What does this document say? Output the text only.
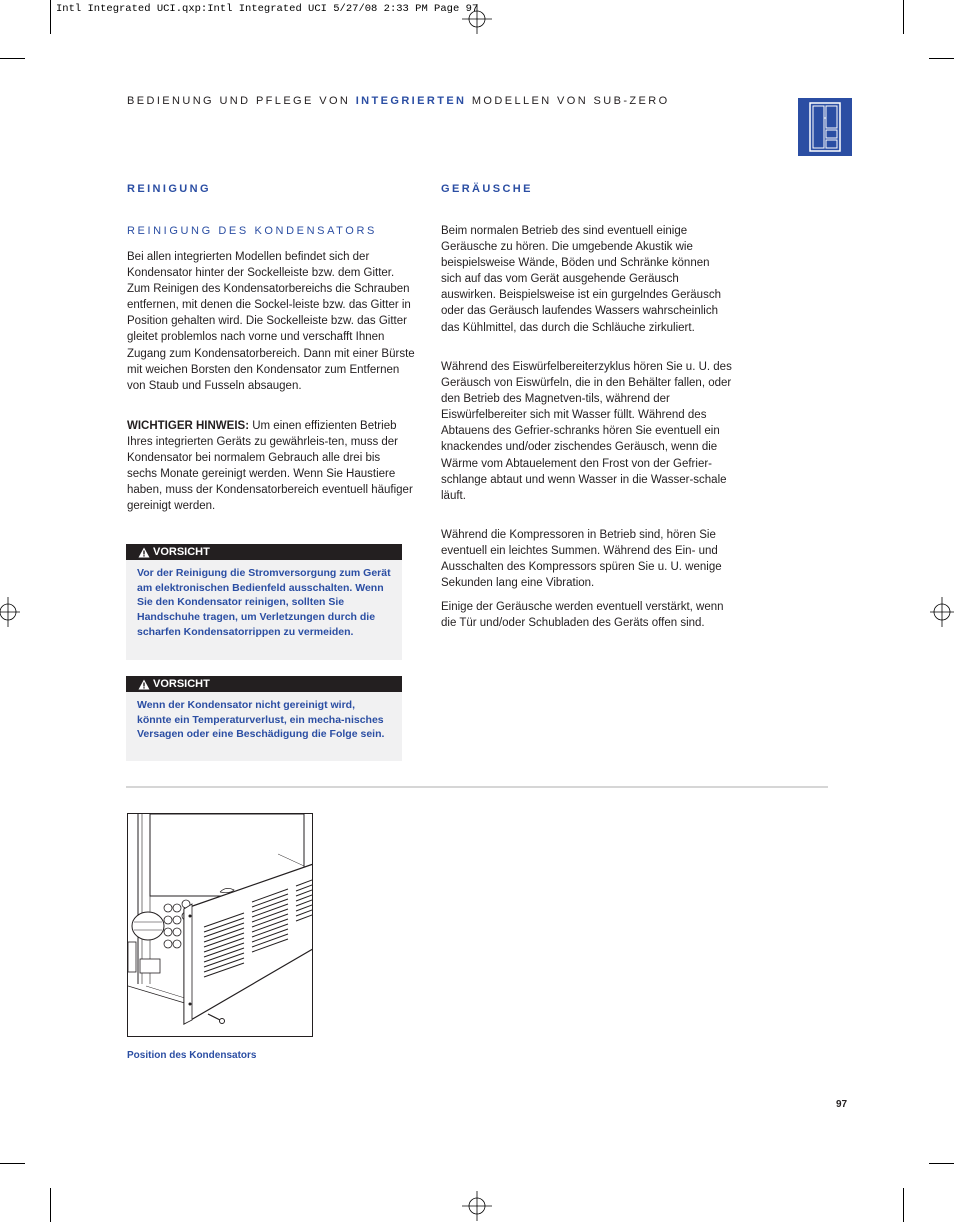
Intl Integrated UCI.qxp:Intl Integrated UCI 5/27/08 2:33 PM Page 97
BEDIENUNG UND PFLEGE VON INTEGRIERTEN MODELLEN VON SUB-ZERO
REINIGUNG
REINIGUNG DES KONDENSATORS

Bei allen integrierten Modellen befindet sich der Kondensator hinter der Sockelleiste bzw. dem Gitter. Zum Reinigen des Kondensatorbereichs die Schrauben entfernen, mit denen die Sockel-leiste bzw. das Gitter in Position gehalten wird. Die Sockelleiste bzw. das Gitter gleitet problemlos nach vorne und verschafft Ihnen Zugang zum Kondensatorbereich. Dann mit einer Bürste mit weichen Borsten den Kondensator zum Entfernen von Staub und Fusseln absaugen.

WICHTIGER HINWEIS: Um einen effizienten Betrieb Ihres integrierten Geräts zu gewährleis-ten, muss der Kondensator bei normalem Gebrauch alle drei bis sechs Monate gereinigt werden. Wenn Sie Haustiere haben, muss der Kondensatorbereich eventuell häufiger gereinigt werden.

VORSICHT
Vor der Reinigung die Stromversorgung zum Gerät am elektronischen Bedienfeld ausschalten. Wenn Sie den Kondensator reinigen, sollten Sie Handschuhe tragen, um Verletzungen durch die scharfen Kondensatorrippen zu vermeiden.
VORSICHT
Wenn der Kondensator nicht gereinigt wird, könnte ein Temperaturverlust, ein mecha-nisches Versagen oder eine Beschädigung die Folge sein.
GERÄUSCHE

Beim normalen Betrieb des sind eventuell einige Geräusche zu hören. Die umgebende Akustik wie beispielsweise Wände, Böden und Schränke können sich auf das vom Gerät ausgehende Geräusch auswirken. Beispielsweise ist ein gurgelndes Geräusch oder das Geräusch laufendes Wassers wahrscheinlich das Kühlmittel, das durch die Schläuche zirkuliert.

Während des Eiswürfelbereiterzyklus hören Sie u. U. des Geräusch von Eiswürfeln, die in den Behälter fallen, oder den Betrieb des Magnetven-tils, während der Eiswürfelbereiter sich mit Wasser füllt. Während des Abtauens des Gefrier-schranks hören Sie eventuell ein knackendes und/oder zischendes Geräusch, wenn die Wärme vom Abtauelement den Frost von der Gefrier-schlange abtaut und wenn Wasser in die Wasser-schale läuft.

Während die Kompressoren in Betrieb sind, hören Sie eventuell ein leichtes Summen. Während des Ein- und Ausschalten des Kompressors spüren Sie u. U. wenige Sekunden lang eine Vibration.

Einige der Geräusche werden eventuell verstärkt, wenn die Tür und/oder Schubladen des Geräts offen sind.

Position des Kondensators
97
